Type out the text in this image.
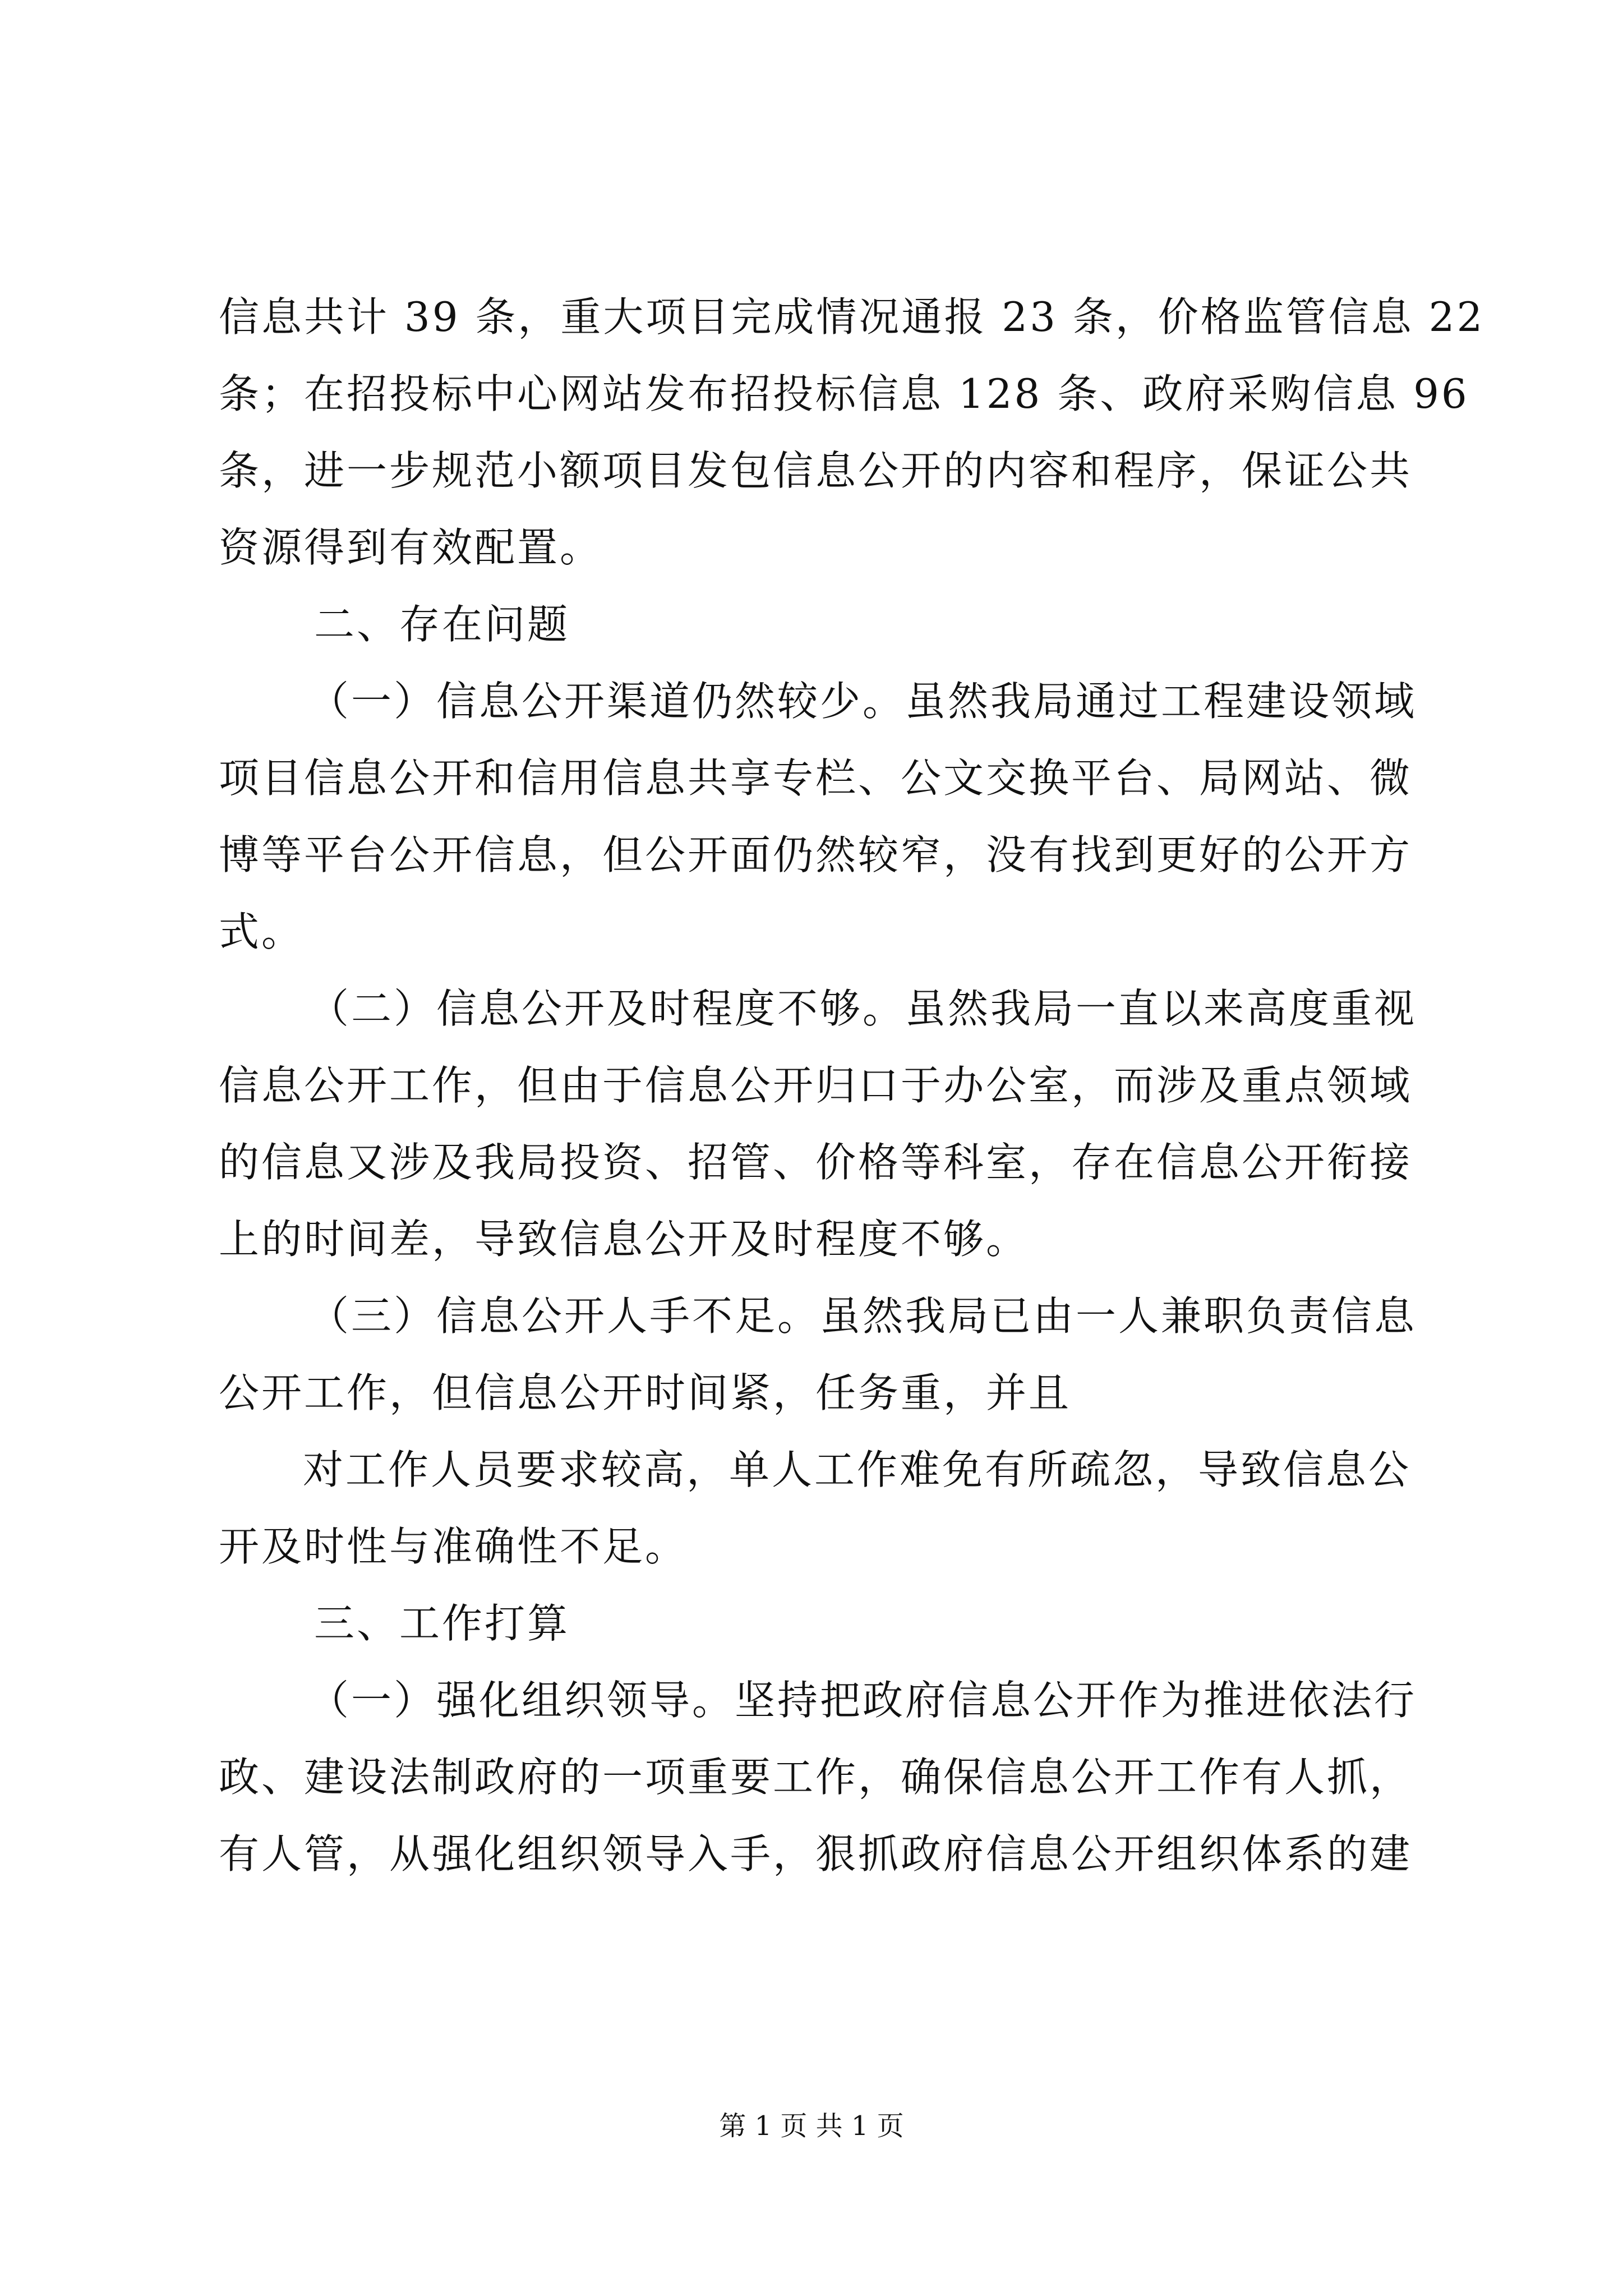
信息共计 39 条，重大项目完成情况通报 23 条，价格监管信息 22
条；在招投标中心网站发布招投标信息 128 条、政府采购信息 96
条，进一步规范小额项目发包信息公开的内容和程序，保证公共
资源得到有效配置。
二、存在问题
（一）信息公开渠道仍然较少。虽然我局通过工程建设领域
项目信息公开和信用信息共享专栏、公文交换平台、局网站、微
博等平台公开信息，但公开面仍然较窄，没有找到更好的公开方
式。
（二）信息公开及时程度不够。虽然我局一直以来高度重视
信息公开工作，但由于信息公开归口于办公室，而涉及重点领域
的信息又涉及我局投资、招管、价格等科室，存在信息公开衔接
上的时间差，导致信息公开及时程度不够。
（三）信息公开人手不足。虽然我局已由一人兼职负责信息
公开工作，但信息公开时间紧，任务重，并且
对工作人员要求较高，单人工作难免有所疏忽，导致信息公
开及时性与准确性不足。
三、工作打算
（一）强化组织领导。坚持把政府信息公开作为推进依法行
政、建设法制政府的一项重要工作，确保信息公开工作有人抓，
有人管，从强化组织领导入手，狠抓政府信息公开组织体系的建
第 1 页 共 1 页
